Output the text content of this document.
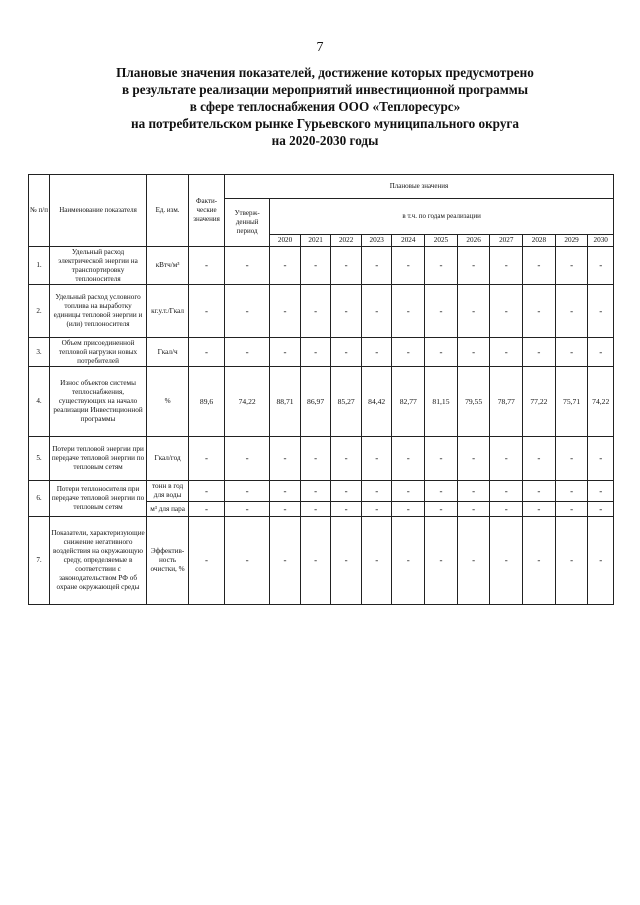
7
Плановые значения показателей, достижение которых предусмотрено
в результате реализации мероприятий инвестиционной программы
в сфере теплоснабжения ООО «Теплоресурс»
на потребительском рынке Гурьевского муниципального округа
на 2020-2030 годы
№ п/п	Наименование показателя	Ед. изм.	Факти-ческие значения	Плановые значения											
				Утверж-денный период	в т.ч. по годам реализации										
					2020	2021	2022	2023	2024	2025	2026	2027	2028	2029	2030
1.	Удельный расход электрической энергии на транспортировку теплоносителя	кВтч/м³	-	-	-	-	-	-	-	-	-	-	-	-	-
2.	Удельный расход условного топлива на выработку единицы тепловой энергии и (или) теплоносителя	кг.у.т./Гкал	-	-	-	-	-	-	-	-	-	-	-	-	-
3.	Объем присоединенной тепловой нагрузки новых потребителей	Гкал/ч	-	-	-	-	-	-	-	-	-	-	-	-	-
4.	Износ объектов системы теплоснабжения, существующих на начало реализации Инвестиционной программы	%	89,6	74,22	88,71	86,97	85,27	84,42	82,77	81,15	79,55	78,77	77,22	75,71	74,22
5.	Потери тепловой энергии при передаче тепловой энергии по тепловым сетям	Гкал/год	-	-	-	-	-	-	-	-	-	-	-	-	-
6.	Потери теплоносителя при передаче тепловой энергии по тепловым сетям	тонн в год для воды	-	-	-	-	-	-	-	-	-	-	-	-	-
		м³ для пара	-	-	-	-	-	-	-	-	-	-	-	-	-
7.	Показатели, характеризующие снижение негативного воздействия на окружающую среду, определяемые в соответствии с законодательством РФ об охране окружающей среды	Эффектив-ность очистки, %	-	-	-	-	-	-	-	-	-	-	-	-	-
